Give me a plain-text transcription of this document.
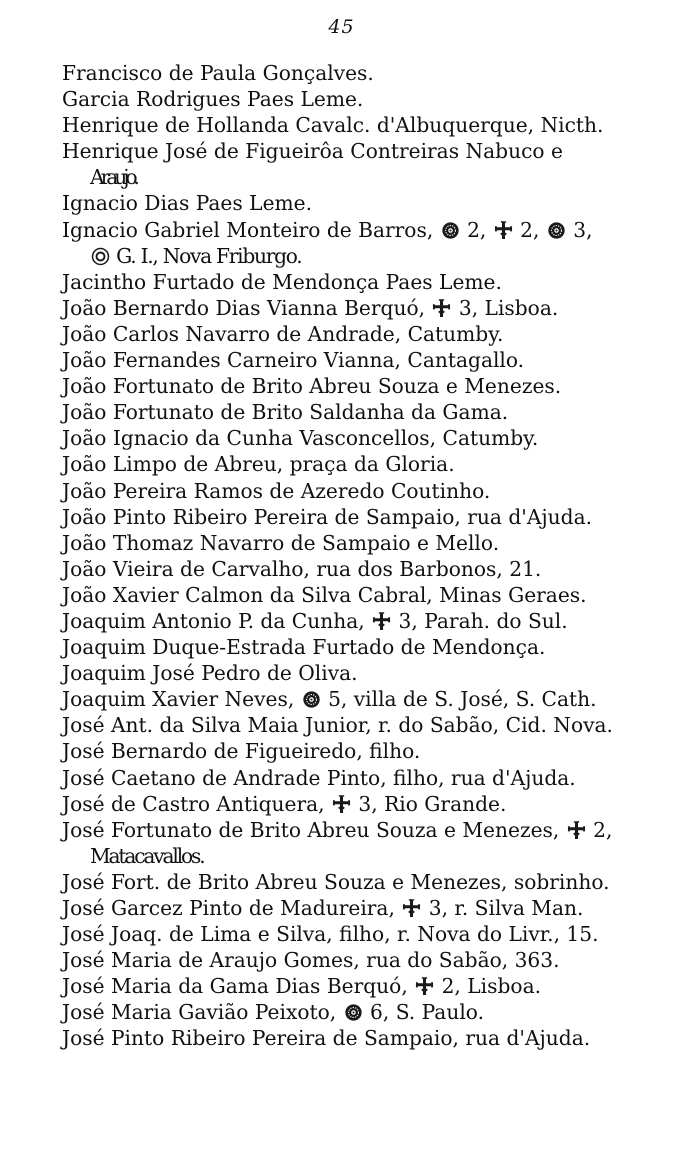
45
Francisco de Paula Gonçalves.
Garcia Rodrigues Paes Leme.
Henrique de Hollanda Cavalc. d'Albuquerque, Nicth.
Henrique José de Figueirôa Contreiras Nabuco e
Araujo.
Ignacio Dias Paes Leme.
Ignacio Gabriel Monteiro de Barros,
2,
2,
3,
G. I., Nova Friburgo.
Jacintho Furtado de Mendonça Paes Leme.
João Bernardo Dias Vianna Berquó,
3, Lisboa.
João Carlos Navarro de Andrade, Catumby.
João Fernandes Carneiro Vianna, Cantagallo.
João Fortunato de Brito Abreu Souza e Menezes.
João Fortunato de Brito Saldanha da Gama.
João Ignacio da Cunha Vasconcellos, Catumby.
João Limpo de Abreu, praça da Gloria.
João Pereira Ramos de Azeredo Coutinho.
João Pinto Ribeiro Pereira de Sampaio, rua d'Ajuda.
João Thomaz Navarro de Sampaio e Mello.
João Vieira de Carvalho, rua dos Barbonos, 21.
João Xavier Calmon da Silva Cabral, Minas Geraes.
Joaquim Antonio P. da Cunha,
3, Parah. do Sul.
Joaquim Duque-Estrada Furtado de Mendonça.
Joaquim José Pedro de Oliva.
Joaquim Xavier Neves,
5, villa de S. José, S. Cath.
José Ant. da Silva Maia Junior, r. do Sabão, Cid. Nova.
José Bernardo de Figueiredo, filho.
José Caetano de Andrade Pinto, filho, rua d'Ajuda.
José de Castro Antiquera,
3, Rio Grande.
José Fortunato de Brito Abreu Souza e Menezes,
2,
Matacavallos.
José Fort. de Brito Abreu Souza e Menezes, sobrinho.
José Garcez Pinto de Madureira,
3, r. Silva Man.
José Joaq. de Lima e Silva, filho, r. Nova do Livr., 15.
José Maria de Araujo Gomes, rua do Sabão, 363.
José Maria da Gama Dias Berquó,
2, Lisboa.
José Maria Gavião Peixoto,
6, S. Paulo.
José Pinto Ribeiro Pereira de Sampaio, rua d'Ajuda.
